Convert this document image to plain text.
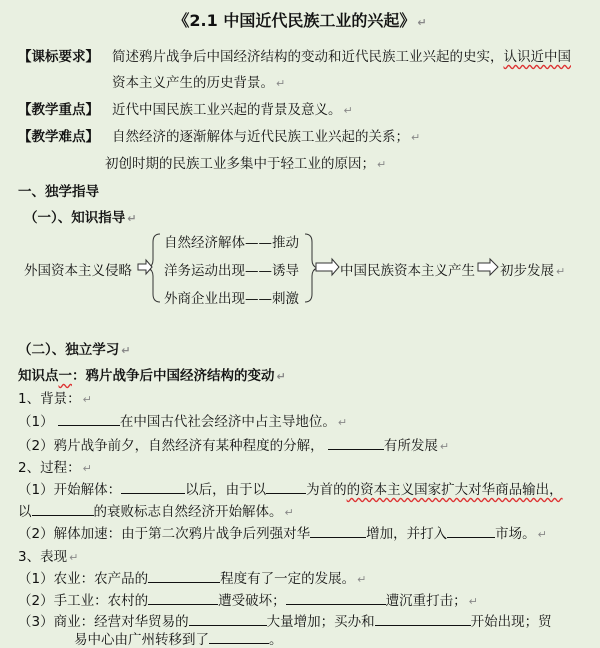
《2.1 中国近代民族工业的兴起》 ↵
【课标要求】 简述鸦片战争后中国经济结构的变动和近代民族工业兴起的史实，认识近中国
资本主义产生的历史背景。 ↵
【教学重点】 近代中国民族工业兴起的背景及意义。 ↵
【教学难点】 自然经济的逐渐解体与近代民族工业兴起的关系； ↵
初创时期的民族工业多集中于轻工业的原因； ↵
一、独学指导
（一）、知识指导 ↵
外国资本主义侵略
自然经济解体——推动
洋务运动出现——诱导
外商企业出现——刺激
中国民族资本主义产生 初步发展 ↵
（二）、独立学习 ↵
知识点一：鸦片战争后中国经济结构的变动 ↵
1、背景： ↵
（1）	在中国古代社会经济中占主导地位。 ↵
（2）鸦片战争前夕，自然经济有某种程度的分解，	有所发展 ↵
2、过程： ↵
（1）开始解体：	以后，由于以	为首的的资本主义国家扩大对华商品输出，
以	的衰败标志自然经济开始解体。 ↵
（2）解体加速：由于第二次鸦片战争后列强对华	增加，并打入	市场。 ↵
3、表现 ↵
（1）农业：农产品的	程度有了一定的发展。 ↵
（2）手工业：农村的	遭受破坏；	遭沉重打击； ↵
（3）商业：经营对华贸易的	大量增加；买办和	开始出现；贸
易中心由广州转移到了	。
